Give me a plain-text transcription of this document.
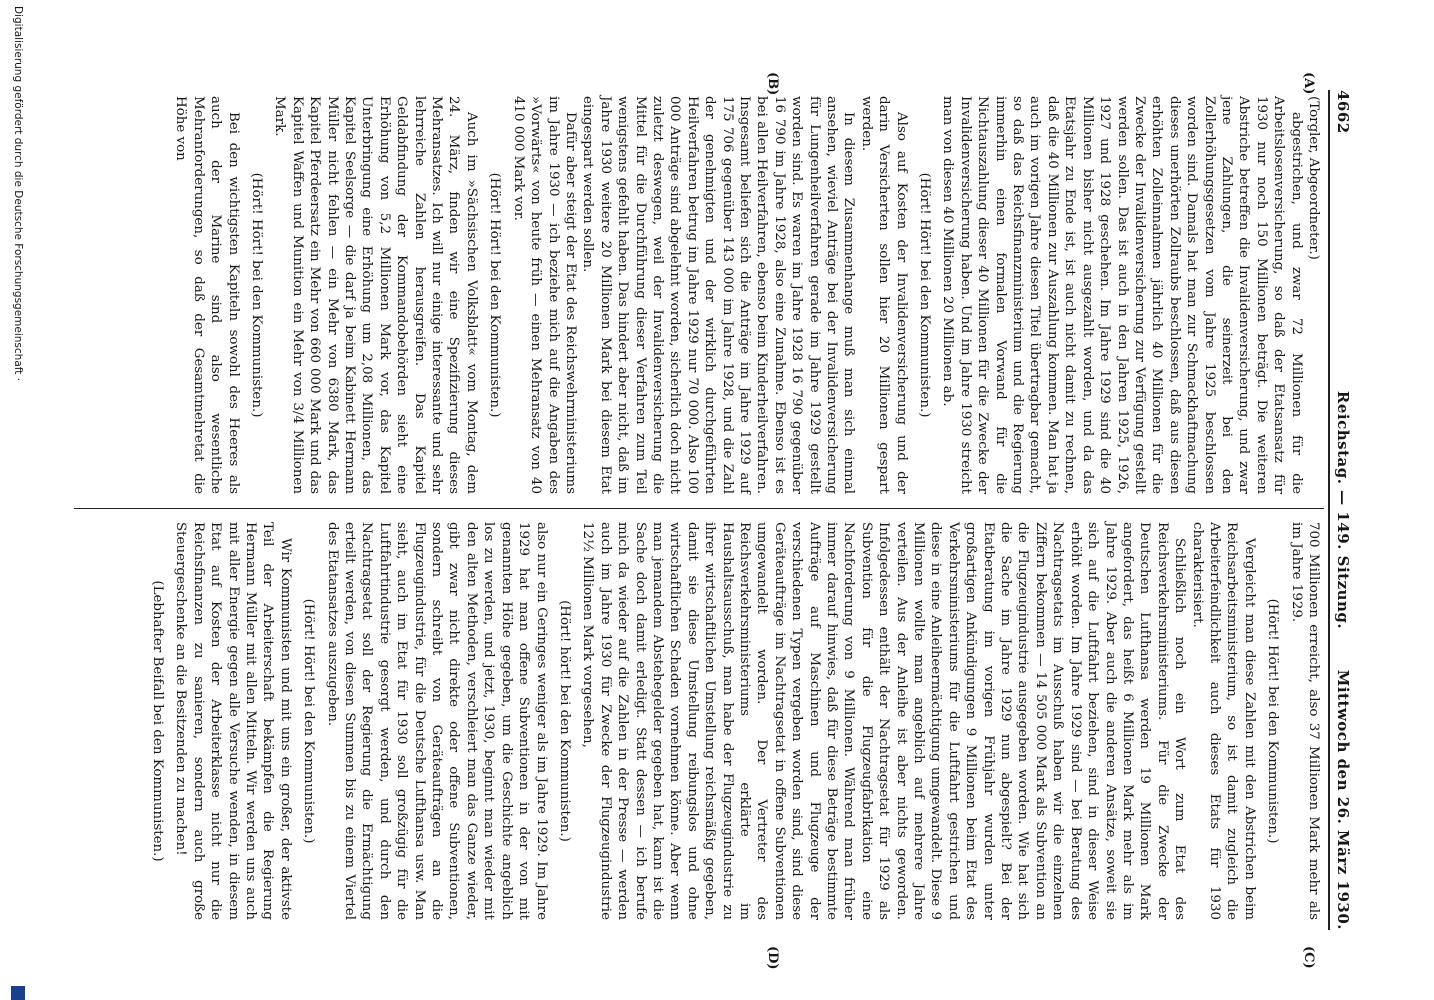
4662
Reichstag. — 149. Sitzung.
Mittwoch den 26. März 1930.
(A)
(B)
(C)
(D)

(Torgler, Abgeordneter.)

abgestrichen, und zwar 72 Millionen für die Arbeitslosenversicherung, so daß der Etatsansatz für 1930 nur noch 150 Millionen beträgt. Die weiteren Abstriche betreffen die Invalidenversicherung, und zwar jene Zahlungen, die seinerzeit bei den Zollerhöhungsgesetzen vom Jahre 1925 beschlossen worden sind. Damals hat man zur Schmackhaftmachung dieses unerhörten Zollraubs beschlossen, daß aus diesen erhöhten Zolleinnahmen jährlich 40 Millionen für die Zwecke der Invalidenversicherung zur Verfügung gestellt werden sollen. Das ist auch in den Jahren 1925, 1926, 1927 und 1928 geschehen. Im Jahre 1929 sind die 40 Millionen bisher nicht ausgezahlt worden, und da das Etatsjahr zu Ende ist, ist auch nicht damit zu rechnen, daß die 40 Millionen zur Auszahlung kommen. Man hat ja auch im vorigen Jahre diesen Titel übertragbar gemacht, so daß das Reichsfinanzministerium und die Regierung immerhin einen formalen Vorwand für die Nichtauszahlung dieser 40 Millionen für die Zwecke der Invalidenversicherung haben. Und im Jahre 1930 streicht man von diesen 40 Millionen 20 Millionen ab.

(Hört! Hört! bei den Kommunisten.)

Also auf Kosten der Invalidenversicherung und der darin Versicherten sollen hier 20 Millionen gespart werden.

In diesem Zusammenhange muß man sich einmal ansehen, wieviel Anträge bei der Invalidenversicherung für Lungenheilverfahren gerade im Jahre 1929 gestellt worden sind. Es waren im Jahre 1928 16 790 gegenüber 16 790 im Jahre 1928, also eine Zunahme. Ebenso ist es bei allen Heilverfahren, ebenso beim Kinderheilverfahren. Insgesamt beliefen sich die Anträge im Jahre 1929 auf 175 706 gegenüber 143 000 im Jahre 1928, und die Zahl der genehmigten und der wirklich durchgeführten Heilverfahren betrug im Jahre 1929 nur 70 000. Also 100 000 Anträge sind abgelehnt worden, sicherlich doch nicht zuletzt deswegen, weil der Invalidenversicherung die Mittel für die Durchführung dieser Verfahren zum Teil wenigstens gefehlt haben. Das hindert aber nicht, daß im Jahre 1930 weitere 20 Millionen Mark bei diesem Etat eingespart werden sollen.

Dafür aber steigt der Etat des Reichswehrministeriums im Jahre 1930 — ich beziehe mich auf die Angaben des »Vorwärts« von heute früh — einen Mehransatz von 40 410 000 Mark vor.

(Hört! Hört! bei den Kommunisten.)

Auch im »Sächsischen Volksblatt« vom Montag, dem 24. März, finden wir eine Spezifizierung dieses Mehransatzes. Ich will nur einige interessante und sehr lehrreiche Zahlen herausgreifen. Das Kapitel Geldabfindung der Kommandobehörden sieht eine Erhöhung von 5,2 Millionen Mark vor, das Kapitel Unterbringung eine Erhöhung um 2,08 Millionen, das Kapitel Seelsorge — die darf ja beim Kabinett Hermann Müller nicht fehlen — ein Mehr von 6380 Mark, das Kapitel Pferdeersatz ein Mehr von 660 000 Mark und das Kapitel Waffen und Munition ein Mehr von 3/4 Millionen Mark.

(Hört! Hört! bei den Kommunisten.)

Bei den wichtigsten Kapiteln sowohl des Heeres als auch der Marine sind also wesentliche Mehranforderungen, so daß der Gesamtmehretat die Höhe von

700 Millionen erreicht, also 37 Millionen Mark mehr als im Jahre 1929.

(Hört! Hört! bei den Kommunisten.)

Vergleicht man diese Zahlen mit den Abstrichen beim Reichsarbeitsministerium, so ist damit zugleich die Arbeiterfeindlichkeit auch dieses Etats für 1930 charakterisiert.

Schließlich noch ein Wort zum Etat des Reichsverkehrsministeriums. Für die Zwecke der Deutschen Lufthansa werden 19 Millionen Mark angefordert, das heißt 6 Millionen Mark mehr als im Jahre 1929. Aber auch die anderen Ansätze, soweit sie sich auf die Luftfahrt beziehen, sind in dieser Weise erhöht worden. Im Jahre 1929 sind — bei Beratung des Nachtragsetats im Ausschuß haben wir die einzelnen Ziffern bekommen — 14 505 000 Mark als Subvention an die Flugzeugindustrie ausgegeben worden. Wie hat sich die Sache im Jahre 1929 nun abgespielt? Bei der Etatberatung im vorigen Frühjahr wurden unter großartigen Ankündigungen 9 Millionen beim Etat des Verkehrsministeriums für die Luftfahrt gestrichen und diese in eine Anleiheermächtigung umgewandelt. Diese 9 Millionen wollte man angeblich auf mehrere Jahre verteilen. Aus der Anleihe ist aber nichts geworden. Infolgedessen enthält der Nachtragsetat für 1929 als Subvention für die Flugzeugfabrikation eine Nachforderung von 9 Millionen. Während man früher immer darauf hinwies, daß für diese Beträge bestimmte Aufträge auf Maschinen und Flugzeuge der verschiedenen Typen vergeben worden sind, sind diese Geräteaufträge im Nachtragsetat in offene Subventionen umgewandelt worden. Der Vertreter des Reichsverkehrsministeriums erklärte im Haushaltsausschuß, man habe der Flugzeugindustrie zu ihrer wirtschaftlichen Umstellung reichsmäßig gegeben, damit sie diese Umstellung reibungslos und ohne wirtschaftlichen Schaden vornehmen könne. Aber wenn man jemandem Abstehegelder gegeben hat, kann ist die Sache doch damit erledigt. Statt dessen — ich berufe mich da wieder auf die Zahlen in der Presse — werden auch im Jahre 1930 für Zwecke der Flugzeugindustrie 12½ Millionen Mark vorgesehen,

(Hört! hört! bei den Kommunisten.)

also nur ein Geringes weniger als im Jahre 1929. Im Jahre 1929 hat man offene Subventionen in der von mit genannten Höhe gegeben, um die Geschichte angeblich los zu werden, und jetzt, 1930, beginnt man wieder mit den alten Methoden, verschleiert man das Ganze wieder, gibt zwar nicht direkte oder offene Subventionen, sondern schreibt von Geräteaufträgen an die Flugzeugindustrie, für die Deutsche Lufthansa usw. Man sieht, auch im Etat für 1930 soll großzügig für die Luftfahrtindustrie gesorgt werden, und durch den Nachtragsetat soll der Regierung die Ermächtigung erteilt werden, von diesen Summen bis zu einem Viertel des Etatansatzes auszugeben.

(Hört! Hört! bei den Kommunisten.)

Wir Kommunisten und mit uns ein großer, der aktivste Teil der Arbeiterschaft bekämpfen die Regierung Hermann Müller mit allen Mitteln. Wir werden uns auch mit aller Energie gegen alle Versuche wenden, in diesem Etat auf Kosten der Arbeiterklasse nicht nur die Reichsfinanzen zu sanieren, sondern auch große Steuergeschenke an die Besitzenden zu machen!

(Lebhafter Beifall bei den Kommunisten.)

Digitalisierung gefördert durch die Deutsche Forschungsgemeinschaft ·
